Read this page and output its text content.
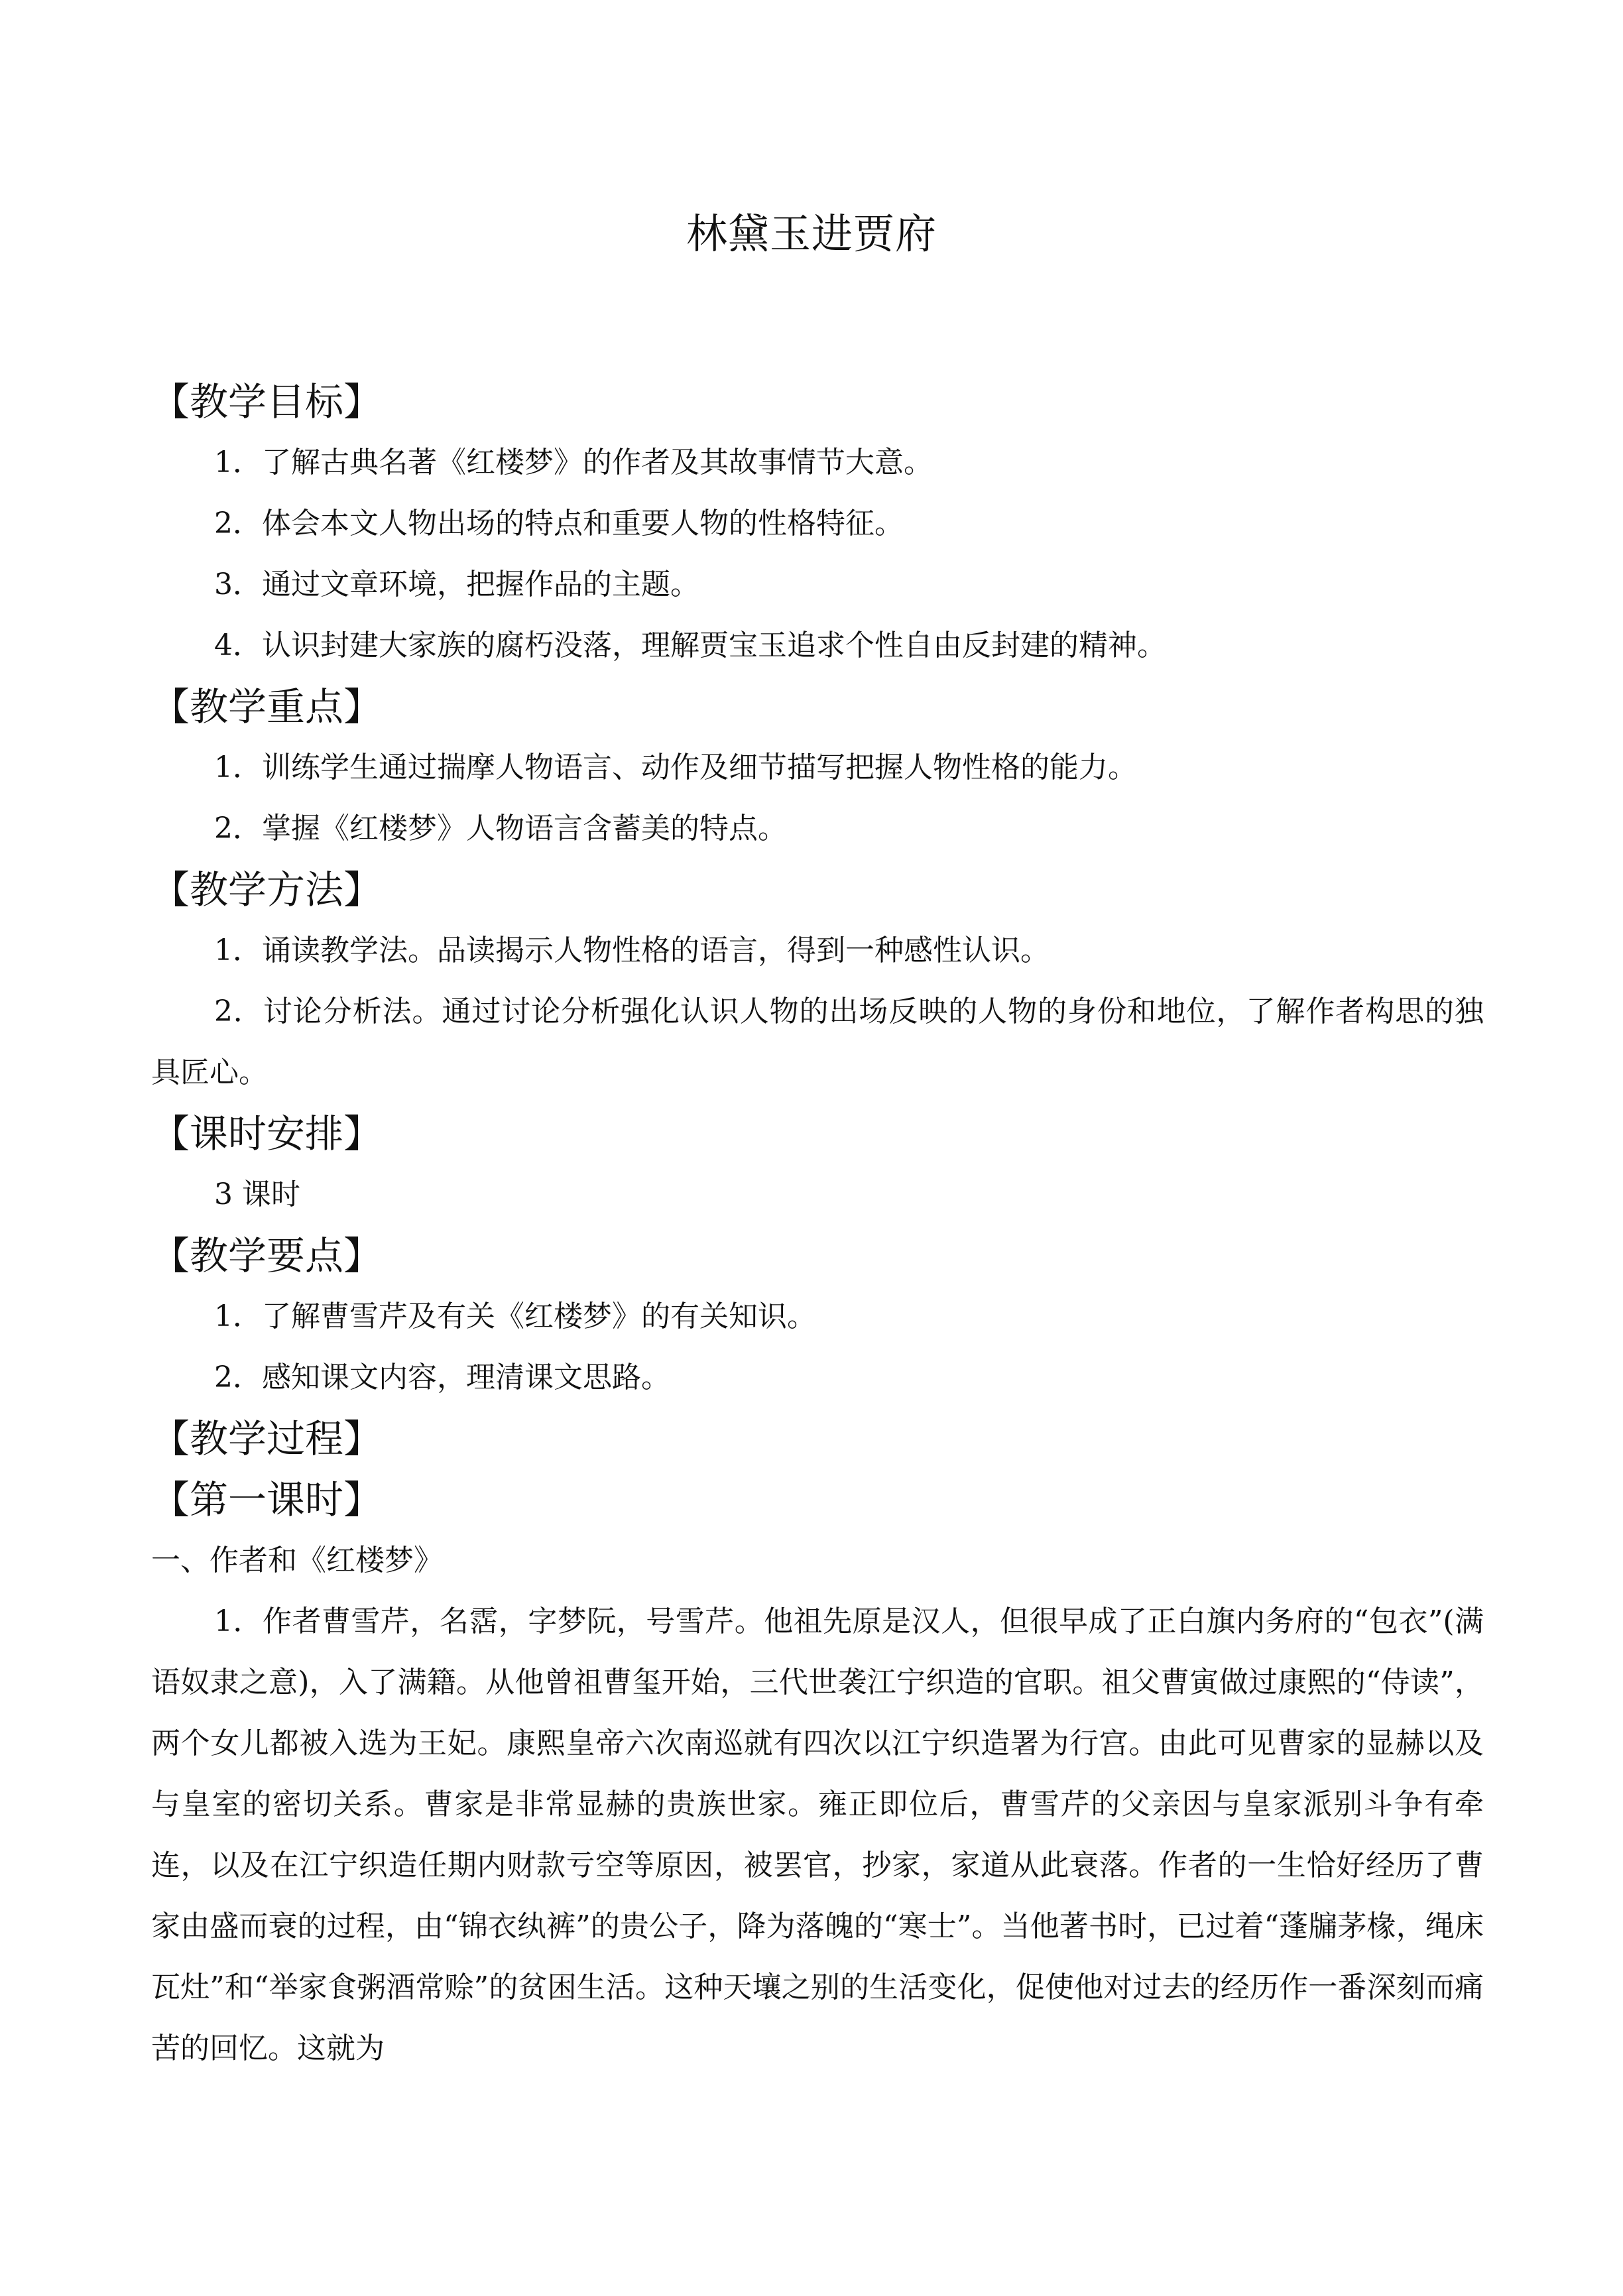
林黛玉进贾府
【教学目标】

1．了解古典名著《红楼梦》的作者及其故事情节大意。

2．体会本文人物出场的特点和重要人物的性格特征。

3．通过文章环境，把握作品的主题。

4．认识封建大家族的腐朽没落，理解贾宝玉追求个性自由反封建的精神。

【教学重点】

1．训练学生通过揣摩人物语言、动作及细节描写把握人物性格的能力。

2．掌握《红楼梦》人物语言含蓄美的特点。

【教学方法】

1．诵读教学法。品读揭示人物性格的语言，得到一种感性认识。

2．讨论分析法。通过讨论分析强化认识人物的出场反映的人物的身份和地位，了解作者构思的独具匠心。

【课时安排】

3 课时

【教学要点】

1．了解曹雪芹及有关《红楼梦》的有关知识。

2．感知课文内容，理清课文思路。

【教学过程】
【第一课时】

一、作者和《红楼梦》

1．作者曹雪芹，名霑，字梦阮，号雪芹。他祖先原是汉人，但很早成了正白旗内务府的“包衣”(满语奴隶之意)，入了满籍。从他曾祖曹玺开始，三代世袭江宁织造的官职。祖父曹寅做过康熙的“侍读”，两个女儿都被入选为王妃。康熙皇帝六次南巡就有四次以江宁织造署为行宫。由此可见曹家的显赫以及与皇室的密切关系。曹家是非常显赫的贵族世家。雍正即位后，曹雪芹的父亲因与皇家派别斗争有牵连，以及在江宁织造任期内财款亏空等原因，被罢官，抄家，家道从此衰落。作者的一生恰好经历了曹家由盛而衰的过程，由“锦衣纨裤”的贵公子，降为落魄的“寒士”。当他著书时，已过着“蓬牖茅椽，绳床瓦灶”和“举家食粥酒常赊”的贫困生活。这种天壤之别的生活变化，促使他对过去的经历作一番深刻而痛苦的回忆。这就为
